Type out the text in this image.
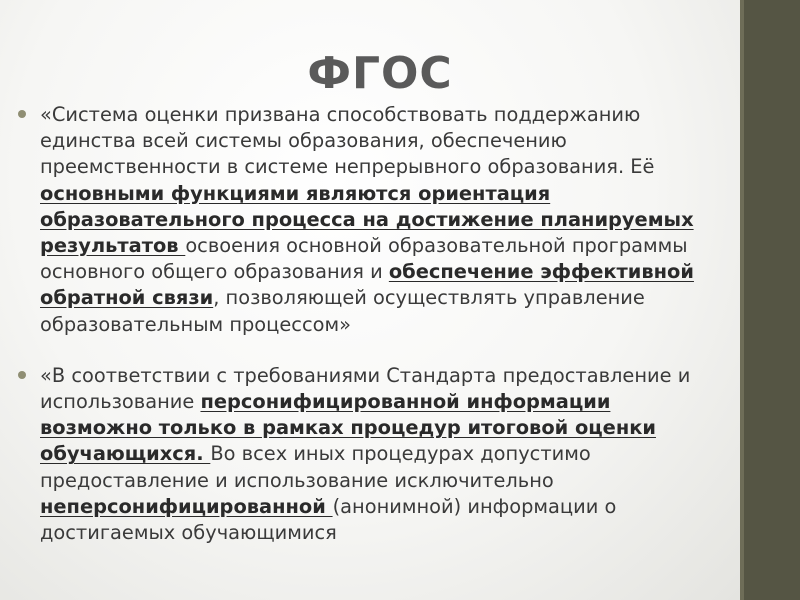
ФГОС
«Система оценки призвана способствовать поддержанию единства всей системы образования, обеспечению преемственности в системе непрерывного образования. Её основными функциями являются ориентация образовательного процесса на достижение планируемых результатов освоения основной образовательной программы основного общего образования и обеспечение эффективной обратной связи, позволяющей осуществлять управление образовательным процессом»
«В соответствии с требованиями Стандарта предоставление и использование персонифицированной информации возможно только в рамках процедур итоговой оценки обучающихся. Во всех иных процедурах допустимо предоставление и использование исключительно неперсонифицированной (анонимной) информации о достигаемых обучающимися
